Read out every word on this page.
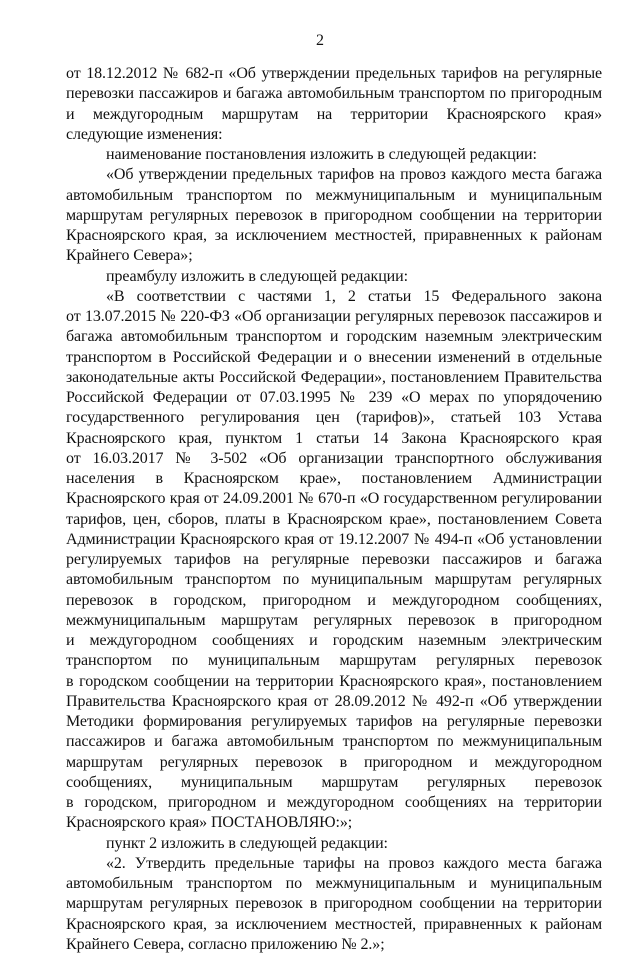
2
от 18.12.2012 № 682-п «Об утверждении предельных тарифов на регулярные
перевозки пассажиров и багажа автомобильным транспортом по пригородным
и междугородным маршрутам на территории Красноярского края»
следующие изменения:
наименование постановления изложить в следующей редакции:
«Об утверждении предельных тарифов на провоз каждого места багажа
автомобильным транспортом по межмуниципальным и муниципальным
маршрутам регулярных перевозок в пригородном сообщении на территории
Красноярского края, за исключением местностей, приравненных к районам
Крайнего Севера»;
преамбулу изложить в следующей редакции:
«В соответствии с частями 1, 2 статьи 15 Федерального закона
от 13.07.2015 № 220-ФЗ «Об организации регулярных перевозок пассажиров и
багажа автомобильным транспортом и городским наземным электрическим
транспортом в Российской Федерации и о внесении изменений в отдельные
законодательные акты Российской Федерации», постановлением Правительства
Российской Федерации от 07.03.1995 № 239 «О мерах по упорядочению
государственного регулирования цен (тарифов)», статьей 103 Устава
Красноярского края, пунктом 1 статьи 14 Закона Красноярского края
от 16.03.2017 № 3-502 «Об организации транспортного обслуживания
населения в Красноярском крае», постановлением Администрации
Красноярского края от 24.09.2001 № 670-п «О государственном регулировании
тарифов, цен, сборов, платы в Красноярском крае», постановлением Совета
Администрации Красноярского края от 19.12.2007 № 494-п «Об установлении
регулируемых тарифов на регулярные перевозки пассажиров и багажа
автомобильным транспортом по муниципальным маршрутам регулярных
перевозок в городском, пригородном и междугородном сообщениях,
межмуниципальным маршрутам регулярных перевозок в пригородном
и междугородном сообщениях и городским наземным электрическим
транспортом по муниципальным маршрутам регулярных перевозок
в городском сообщении на территории Красноярского края», постановлением
Правительства Красноярского края от 28.09.2012 № 492-п «Об утверждении
Методики формирования регулируемых тарифов на регулярные перевозки
пассажиров и багажа автомобильным транспортом по межмуниципальным
маршрутам регулярных перевозок в пригородном и междугородном
сообщениях, муниципальным маршрутам регулярных перевозок
в городском, пригородном и междугородном сообщениях на территории
Красноярского края» ПОСТАНОВЛЯЮ:»;
пункт 2 изложить в следующей редакции:
«2. Утвердить предельные тарифы на провоз каждого места багажа
автомобильным транспортом по межмуниципальным и муниципальным
маршрутам регулярных перевозок в пригородном сообщении на территории
Красноярского края, за исключением местностей, приравненных к районам
Крайнего Севера, согласно приложению № 2.»;
